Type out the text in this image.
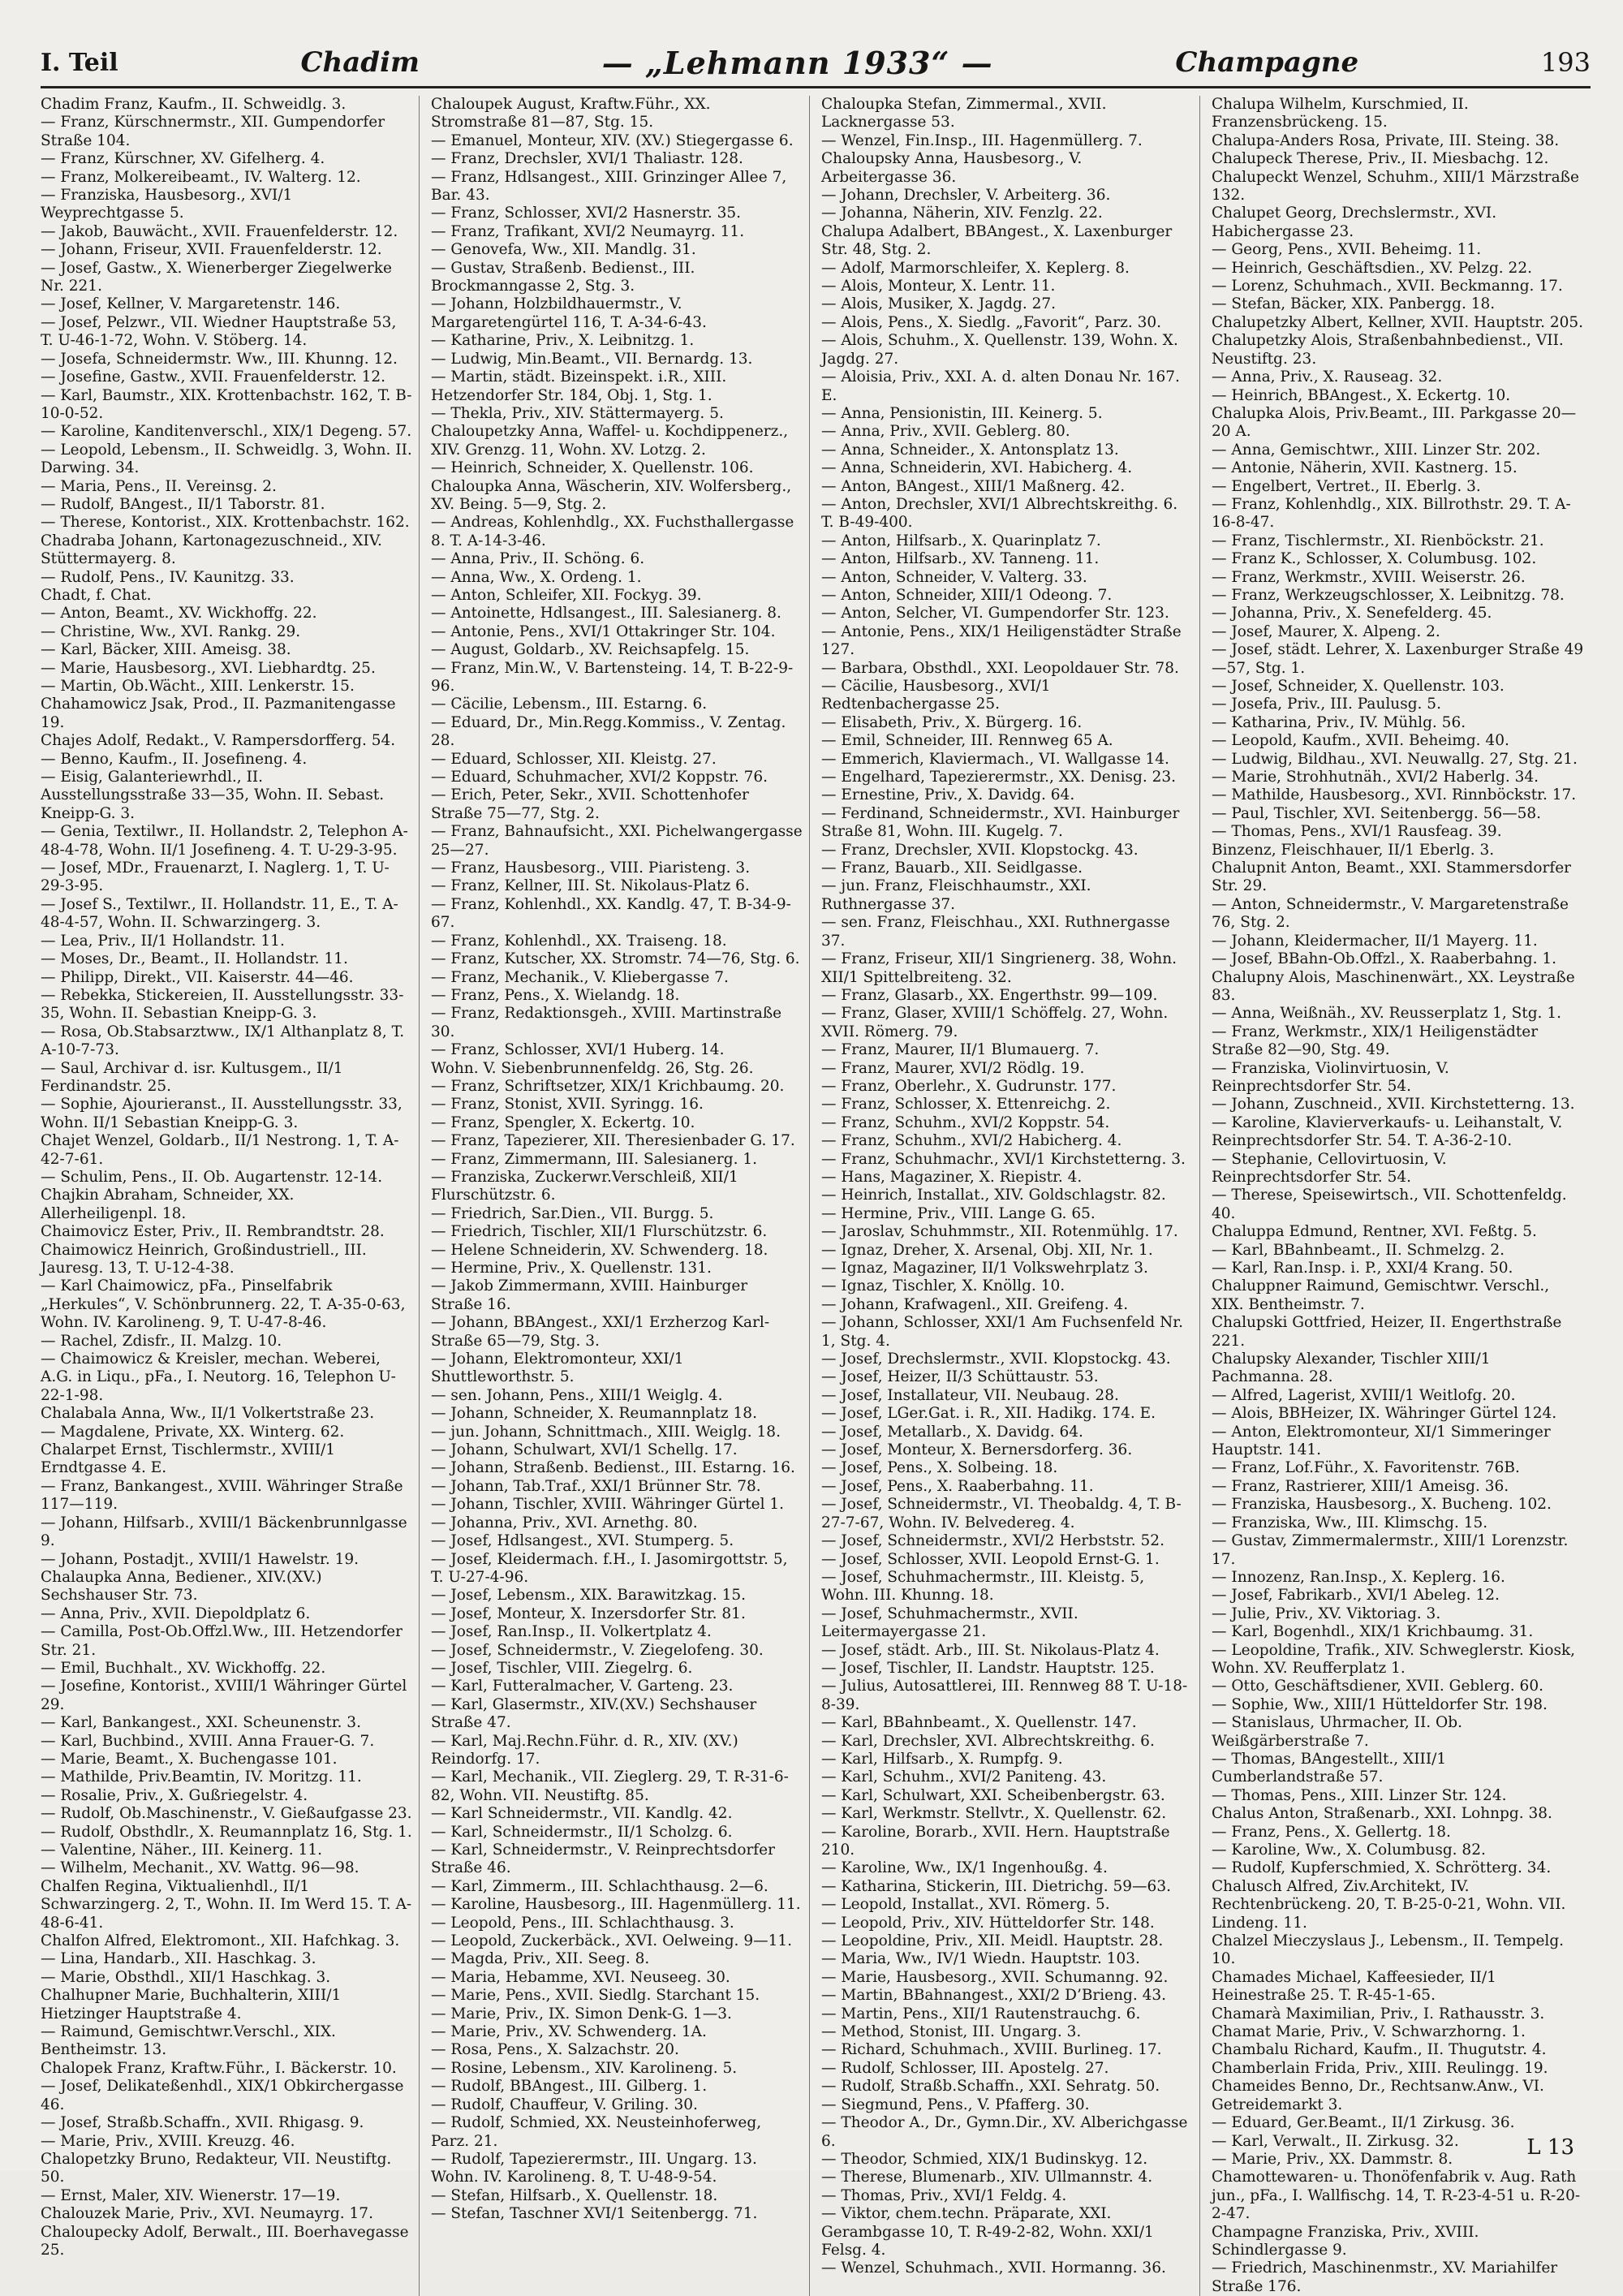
I. Teil	Chadim	— „Lehmann 1933“ —	Champagne	193

Chadim Franz, Kaufm., II. Schweidlg. 3.

— Franz, Kürschnermstr., XII. Gumpendorfer Straße 104.

— Franz, Kürschner, XV. Gifelherg. 4.

— Franz, Molkereibeamt., IV. Walterg. 12.

— Franziska, Hausbesorg., XVI/1 Weyprechtgasse 5.

— Jakob, Bauwächt., XVII. Frauenfelderstr. 12.

— Johann, Friseur, XVII. Frauenfelderstr. 12.

— Josef, Gastw., X. Wienerberger Ziegelwerke Nr. 221.

— Josef, Kellner, V. Margaretenstr. 146.

— Josef, Pelzwr., VII. Wiedner Hauptstraße 53, T. U-46-1-72, Wohn. V. Stöberg. 14.

— Josefa, Schneidermstr. Ww., III. Khunng. 12.

— Josefine, Gastw., XVII. Frauenfelderstr. 12.

— Karl, Baumstr., XIX. Krottenbachstr. 162, T. B-10-0-52.

— Karoline, Kanditenverschl., XIX/1 Degeng. 57.

— Leopold, Lebensm., II. Schweidlg. 3, Wohn. II. Darwing. 34.

— Maria, Pens., II. Vereinsg. 2.

— Rudolf, BAngest., II/1 Taborstr. 81.

— Therese, Kontorist., XIX. Krottenbachstr. 162.

Chadraba Johann, Kartonagezuschneid., XIV. Stüttermayerg. 8.

— Rudolf, Pens., IV. Kaunitzg. 33.

Chadt, f. Chat.

— Anton, Beamt., XV. Wickhoffg. 22.

— Christine, Ww., XVI. Rankg. 29.

— Karl, Bäcker, XIII. Ameisg. 38.

— Marie, Hausbesorg., XVI. Liebhardtg. 25.

— Martin, Ob.Wächt., XIII. Lenkerstr. 15.

Chahamowicz Jsak, Prod., II. Pazmanitengasse 19.

Chajes Adolf, Redakt., V. Rampersdorfferg. 54.

— Benno, Kaufm., II. Josefineng. 4.

— Eisig, Galanteriewrhdl., II. Ausstellungsstraße 33—35, Wohn. II. Sebast. Kneipp-G. 3.

— Genia, Textilwr., II. Hollandstr. 2, Telephon A-48-4-78, Wohn. II/1 Josefineng. 4. T. U-29-3-95.

— Josef, MDr., Frauenarzt, I. Naglerg. 1, T. U-29-3-95.

— Josef S., Textilwr., II. Hollandstr. 11, E., T. A-48-4-57, Wohn. II. Schwarzingerg. 3.

— Lea, Priv., II/1 Hollandstr. 11.

— Moses, Dr., Beamt., II. Hollandstr. 11.

— Philipp, Direkt., VII. Kaiserstr. 44—46.

— Rebekka, Stickereien, II. Ausstellungsstr. 33-35, Wohn. II. Sebastian Kneipp-G. 3.

— Rosa, Ob.Stabsarztww., IX/1 Althanplatz 8, T. A-10-7-73.

— Saul, Archivar d. isr. Kultusgem., II/1 Ferdinandstr. 25.

— Sophie, Ajourieranst., II. Ausstellungsstr. 33, Wohn. II/1 Sebastian Kneipp-G. 3.

Chajet Wenzel, Goldarb., II/1 Nestrong. 1, T. A-42-7-61.

— Schulim, Pens., II. Ob. Augartenstr. 12-14.

Chajkin Abraham, Schneider, XX. Allerheiligenpl. 18.

Chaimovicz Ester, Priv., II. Rembrandtstr. 28.

Chaimowicz Heinrich, Großindustriell., III. Jauresg. 13, T. U-12-4-38.

— Karl Chaimowicz, pFa., Pinselfabrik „Herkules“, V. Schönbrunnerg. 22, T. A-35-0-63, Wohn. IV. Karolineng. 9, T. U-47-8-46.

— Rachel, Zdisfr., II. Malzg. 10.

— Chaimowicz & Kreisler, mechan. Weberei, A.G. in Liqu., pFa., I. Neutorg. 16, Telephon U-22-1-98.

Chalabala Anna, Ww., II/1 Volkertstraße 23.

— Magdalene, Private, XX. Winterg. 62.

Chalarpet Ernst, Tischlermstr., XVIII/1 Erndtgasse 4. E.

— Franz, Bankangest., XVIII. Währinger Straße 117—119.

— Johann, Hilfsarb., XVIII/1 Bäckenbrunnlgasse 9.

— Johann, Postadjt., XVIII/1 Hawelstr. 19.

Chalaupka Anna, Bediener., XIV.(XV.) Sechshauser Str. 73.

— Anna, Priv., XVII. Diepoldplatz 6.

— Camilla, Post-Ob.Offzl.Ww., III. Hetzendorfer Str. 21.

— Emil, Buchhalt., XV. Wickhoffg. 22.

— Josefine, Kontorist., XVIII/1 Währinger Gürtel 29.

— Karl, Bankangest., XXI. Scheunenstr. 3.

— Karl, Buchbind., XVIII. Anna Frauer-G. 7.

— Marie, Beamt., X. Buchengasse 101.

— Mathilde, Priv.Beamtin, IV. Moritzg. 11.

— Rosalie, Priv., X. Gußriegelstr. 4.

— Rudolf, Ob.Maschinenstr., V. Gießaufgasse 23.

— Rudolf, Obsthdlr., X. Reumannplatz 16, Stg. 1.

— Valentine, Näher., III. Keinerg. 11.

— Wilhelm, Mechanit., XV. Wattg. 96—98.

Chalfen Regina, Viktualienhdl., II/1 Schwarzingerg. 2, T., Wohn. II. Im Werd 15. T. A-48-6-41.

Chalfon Alfred, Elektromont., XII. Hafchkag. 3.

— Lina, Handarb., XII. Haschkag. 3.

— Marie, Obsthdl., XII/1 Haschkag. 3.

Chalhupner Marie, Buchhalterin, XIII/1 Hietzinger Hauptstraße 4.

— Raimund, Gemischtwr.Verschl., XIX. Bentheimstr. 13.

Chalopek Franz, Kraftw.Führ., I. Bäckerstr. 10.

— Josef, Delikateßenhdl., XIX/1 Obkirchergasse 46.

— Josef, Straßb.Schaffn., XVII. Rhigasg. 9.

— Marie, Priv., XVIII. Kreuzg. 46.

Chalopetzky Bruno, Redakteur, VII. Neustiftg. 50.

— Ernst, Maler, XIV. Wienerstr. 17—19.

Chalouzek Marie, Priv., XVI. Neumayrg. 17.

Chaloupecky Adolf, Berwalt., III. Boerhavegasse 25.

Chaloupek August, Kraftw.Führ., XX. Stromstraße 81—87, Stg. 15.

— Emanuel, Monteur, XIV. (XV.) Stiegergasse 6.

— Franz, Drechsler, XVI/1 Thaliastr. 128.

— Franz, Hdlsangest., XIII. Grinzinger Allee 7, Bar. 43.

— Franz, Schlosser, XVI/2 Hasnerstr. 35.

— Franz, Trafikant, XVI/2 Neumayrg. 11.

— Genovefa, Ww., XII. Mandlg. 31.

— Gustav, Straßenb. Bedienst., III. Brockmanngasse 2, Stg. 3.

— Johann, Holzbildhauermstr., V. Margaretengürtel 116, T. A-34-6-43.

— Katharine, Priv., X. Leibnitzg. 1.

— Ludwig, Min.Beamt., VII. Bernardg. 13.

— Martin, städt. Bizeinspekt. i.R., XIII. Hetzendorfer Str. 184, Obj. 1, Stg. 1.

— Thekla, Priv., XIV. Stättermayerg. 5.

Chaloupetzky Anna, Waffel- u. Kochdippenerz., XIV. Grenzg. 11, Wohn. XV. Lotzg. 2.

— Heinrich, Schneider, X. Quellenstr. 106.

Chaloupka Anna, Wäscherin, XIV. Wolfersberg., XV. Being. 5—9, Stg. 2.

— Andreas, Kohlenhdlg., XX. Fuchsthallergasse 8. T. A-14-3-46.

— Anna, Priv., II. Schöng. 6.

— Anna, Ww., X. Ordeng. 1.

— Anton, Schleifer, XII. Fockyg. 39.

— Antoinette, Hdlsangest., III. Salesianerg. 8.

— Antonie, Pens., XVI/1 Ottakringer Str. 104.

— August, Goldarb., XV. Reichsapfelg. 15.

— Franz, Min.W., V. Bartensteing. 14, T. B-22-9-96.

— Cäcilie, Lebensm., III. Estarng. 6.

— Eduard, Dr., Min.Regg.Kommiss., V. Zentag. 28.

— Eduard, Schlosser, XII. Kleistg. 27.

— Eduard, Schuhmacher, XVI/2 Koppstr. 76.

— Erich, Peter, Sekr., XVII. Schottenhofer Straße 75—77, Stg. 2.

— Franz, Bahnaufsicht., XXI. Pichelwangergasse 25—27.

— Franz, Hausbesorg., VIII. Piaristeng. 3.

— Franz, Kellner, III. St. Nikolaus-Platz 6.

— Franz, Kohlenhdl., XX. Kandlg. 47, T. B-34-9-67.

— Franz, Kohlenhdl., XX. Traiseng. 18.

— Franz, Kutscher, XX. Stromstr. 74—76, Stg. 6.

— Franz, Mechanik., V. Kliebergasse 7.

— Franz, Pens., X. Wielandg. 18.

— Franz, Redaktionsgeh., XVIII. Martinstraße 30.

— Franz, Schlosser, XVI/1 Huberg. 14.

Wohn. V. Siebenbrunnenfeldg. 26, Stg. 26.

— Franz, Schriftsetzer, XIX/1 Krichbaumg. 20.

— Franz, Stonist, XVII. Syringg. 16.

— Franz, Spengler, X. Eckertg. 10.

— Franz, Tapezierer, XII. Theresienbader G. 17.

— Franz, Zimmermann, III. Salesianerg. 1.

— Franziska, Zuckerwr.Verschleiß, XII/1 Flurschützstr. 6.

— Friedrich, Sar.Dien., VII. Burgg. 5.

— Friedrich, Tischler, XII/1 Flurschützstr. 6.

— Helene Schneiderin, XV. Schwenderg. 18.

— Hermine, Priv., X. Quellenstr. 131.

— Jakob Zimmermann, XVIII. Hainburger Straße 16.

— Johann, BBAngest., XXI/1 Erzherzog Karl-Straße 65—79, Stg. 3.

— Johann, Elektromonteur, XXI/1 Shuttleworthstr. 5.

— sen. Johann, Pens., XIII/1 Weiglg. 4.

— Johann, Schneider, X. Reumannplatz 18.

— jun. Johann, Schnittmach., XIII. Weiglg. 18.

— Johann, Schulwart, XVI/1 Schellg. 17.

— Johann, Straßenb. Bedienst., III. Estarng. 16.

— Johann, Tab.Traf., XXI/1 Brünner Str. 78.

— Johann, Tischler, XVIII. Währinger Gürtel 1.

— Johanna, Priv., XVI. Arnethg. 80.

— Josef, Hdlsangest., XVI. Stumperg. 5.

— Josef, Kleidermach. f.H., I. Jasomirgottstr. 5, T. U-27-4-96.

— Josef, Lebensm., XIX. Barawitzkag. 15.

— Josef, Monteur, X. Inzersdorfer Str. 81.

— Josef, Ran.Insp., II. Volkertplatz 4.

— Josef, Schneidermstr., V. Ziegelofeng. 30.

— Josef, Tischler, VIII. Ziegelrg. 6.

— Karl, Futteralmacher, V. Garteng. 23.

— Karl, Glasermstr., XIV.(XV.) Sechshauser Straße 47.

— Karl, Maj.Rechn.Führ. d. R., XIV. (XV.) Reindorfg. 17.

— Karl, Mechanik., VII. Zieglerg. 29, T. R-31-6-82, Wohn. VII. Neustiftg. 85.

— Karl Schneidermstr., VII. Kandlg. 42.

— Karl, Schneidermstr., II/1 Scholzg. 6.

— Karl, Schneidermstr., V. Reinprechtsdorfer Straße 46.

— Karl, Zimmerm., III. Schlachthausg. 2—6.

— Karoline, Hausbesorg., III. Hagenmüllerg. 11.

— Leopold, Pens., III. Schlachthausg. 3.

— Leopold, Zuckerbäck., XVI. Oelweing. 9—11.

— Magda, Priv., XII. Seeg. 8.

— Maria, Hebamme, XVI. Neuseeg. 30.

— Marie, Pens., XVII. Siedlg. Starchant 15.

— Marie, Priv., IX. Simon Denk-G. 1—3.

— Marie, Priv., XV. Schwenderg. 1A.

— Rosa, Pens., X. Salzachstr. 20.

— Rosine, Lebensm., XIV. Karolineng. 5.

— Rudolf, BBAngest., III. Gilberg. 1.

— Rudolf, Chauffeur, V. Griling. 30.

— Rudolf, Schmied, XX. Neusteinhoferweg, Parz. 21.

— Rudolf, Tapezierermstr., III. Ungarg. 13.

Wohn. IV. Karolineng. 8, T. U-48-9-54.

— Stefan, Hilfsarb., X. Quellenstr. 18.

— Stefan, Taschner XVI/1 Seitenbergg. 71.

Chaloupka Stefan, Zimmermal., XVII. Lacknergasse 53.

— Wenzel, Fin.Insp., III. Hagenmüllerg. 7.

Chaloupsky Anna, Hausbesorg., V. Arbeitergasse 36.

— Johann, Drechsler, V. Arbeiterg. 36.

— Johanna, Näherin, XIV. Fenzlg. 22.

Chalupa Adalbert, BBAngest., X. Laxenburger Str. 48, Stg. 2.

— Adolf, Marmorschleifer, X. Keplerg. 8.

— Alois, Monteur, X. Lentr. 11.

— Alois, Musiker, X. Jagdg. 27.

— Alois, Pens., X. Siedlg. „Favorit“, Parz. 30.

— Alois, Schuhm., X. Quellenstr. 139, Wohn. X. Jagdg. 27.

— Aloisia, Priv., XXI. A. d. alten Donau Nr. 167. E.

— Anna, Pensionistin, III. Keinerg. 5.

— Anna, Priv., XVII. Geblerg. 80.

— Anna, Schneider., X. Antonsplatz 13.

— Anna, Schneiderin, XVI. Habicherg. 4.

— Anton, BAngest., XIII/1 Maßnerg. 42.

— Anton, Drechsler, XVI/1 Albrechtskreithg. 6. T. B-49-400.

— Anton, Hilfsarb., X. Quarinplatz 7.

— Anton, Hilfsarb., XV. Tanneng. 11.

— Anton, Schneider, V. Valterg. 33.

— Anton, Schneider, XIII/1 Odeong. 7.

— Anton, Selcher, VI. Gumpendorfer Str. 123.

— Antonie, Pens., XIX/1 Heiligenstädter Straße 127.

— Barbara, Obsthdl., XXI. Leopoldauer Str. 78.

— Cäcilie, Hausbesorg., XVI/1 Redtenbachergasse 25.

— Elisabeth, Priv., X. Bürgerg. 16.

— Emil, Schneider, III. Rennweg 65 A.

— Emmerich, Klaviermach., VI. Wallgasse 14.

— Engelhard, Tapezierermstr., XX. Denisg. 23.

— Ernestine, Priv., X. Davidg. 64.

— Ferdinand, Schneidermstr., XVI. Hainburger Straße 81, Wohn. III. Kugelg. 7.

— Franz, Drechsler, XVII. Klopstockg. 43.

— Franz, Bauarb., XII. Seidlgasse.

— jun. Franz, Fleischhaumstr., XXI. Ruthnergasse 37.

— sen. Franz, Fleischhau., XXI. Ruthnergasse 37.

— Franz, Friseur, XII/1 Singrienerg. 38, Wohn. XII/1 Spittelbreiteng. 32.

— Franz, Glasarb., XX. Engerthstr. 99—109.

— Franz, Glaser, XVIII/1 Schöffelg. 27, Wohn. XVII. Römerg. 79.

— Franz, Maurer, II/1 Blumauerg. 7.

— Franz, Maurer, XVI/2 Rödlg. 19.

— Franz, Oberlehr., X. Gudrunstr. 177.

— Franz, Schlosser, X. Ettenreichg. 2.

— Franz, Schuhm., XVI/2 Koppstr. 54.

— Franz, Schuhm., XVI/2 Habicherg. 4.

— Franz, Schuhmachr., XVI/1 Kirchstetterng. 3.

— Hans, Magaziner, X. Riepistr. 4.

— Heinrich, Installat., XIV. Goldschlagstr. 82.

— Hermine, Priv., VIII. Lange G. 65.

— Jaroslav, Schuhmmstr., XII. Rotenmühlg. 17.

— Ignaz, Dreher, X. Arsenal, Obj. XII, Nr. 1.

— Ignaz, Magaziner, II/1 Volkswehrplatz 3.

— Ignaz, Tischler, X. Knöllg. 10.

— Johann, Krafwagenl., XII. Greifeng. 4.

— Johann, Schlosser, XXI/1 Am Fuchsenfeld Nr. 1, Stg. 4.

— Josef, Drechslermstr., XVII. Klopstockg. 43.

— Josef, Heizer, II/3 Schüttaustr. 53.

— Josef, Installateur, VII. Neubaug. 28.

— Josef, LGer.Gat. i. R., XII. Hadikg. 174. E.

— Josef, Metallarb., X. Davidg. 64.

— Josef, Monteur, X. Bernersdorferg. 36.

— Josef, Pens., X. Solbeing. 18.

— Josef, Pens., X. Raaberbahng. 11.

— Josef, Schneidermstr., VI. Theobaldg. 4, T. B-27-7-67, Wohn. IV. Belvedereg. 4.

— Josef, Schneidermstr., XVI/2 Herbststr. 52.

— Josef, Schlosser, XVII. Leopold Ernst-G. 1.

— Josef, Schuhmachermstr., III. Kleistg. 5, Wohn. III. Khunng. 18.

— Josef, Schuhmachermstr., XVII. Leitermayergasse 21.

— Josef, städt. Arb., III. St. Nikolaus-Platz 4.

— Josef, Tischler, II. Landstr. Hauptstr. 125.

— Julius, Autosattlerei, III. Rennweg 88 T. U-18-8-39.

— Karl, BBahnbeamt., X. Quellenstr. 147.

— Karl, Drechsler, XVI. Albrechtskreithg. 6.

— Karl, Hilfsarb., X. Rumpfg. 9.

— Karl, Schuhm., XVI/2 Paniteng. 43.

— Karl, Schulwart, XXI. Scheibenbergstr. 63.

— Karl, Werkmstr. Stellvtr., X. Quellenstr. 62.

— Karoline, Borarb., XVII. Hern. Hauptstraße 210.

— Karoline, Ww., IX/1 Ingenhoußg. 4.

— Katharina, Stickerin, III. Dietrichg. 59—63.

— Leopold, Installat., XVI. Römerg. 5.

— Leopold, Priv., XIV. Hütteldorfer Str. 148.

— Leopoldine, Priv., XII. Meidl. Hauptstr. 28.

— Maria, Ww., IV/1 Wiedn. Hauptstr. 103.

— Marie, Hausbesorg., XVII. Schumanng. 92.

— Martin, BBahnangest., XXI/2 D’Brieng. 43.

— Martin, Pens., XII/1 Rautenstrauchg. 6.

— Method, Stonist, III. Ungarg. 3.

— Richard, Schuhmach., XVIII. Burlineg. 17.

— Rudolf, Schlosser, III. Apostelg. 27.

— Rudolf, Straßb.Schaffn., XXI. Sehratg. 50.

— Siegmund, Pens., V. Pfafferg. 30.

— Theodor A., Dr., Gymn.Dir., XV. Alberichgasse 6.

— Theodor, Schmied, XIX/1 Budinskyg. 12.

— Therese, Blumenarb., XIV. Ullmannstr. 4.

— Thomas, Priv., XVI/1 Feldg. 4.

— Viktor, chem.techn. Präparate, XXI. Gerambgasse 10, T. R-49-2-82, Wohn. XXI/1 Felsg. 4.

— Wenzel, Schuhmach., XVII. Hormanng. 36.

Chalupa Wilhelm, Kurschmied, II. Franzensbrückeng. 15.

Chalupa-Anders Rosa, Private, III. Steing. 38.

Chalupeck Therese, Priv., II. Miesbachg. 12.

Chalupeckt Wenzel, Schuhm., XIII/1 Märzstraße 132.

Chalupet Georg, Drechslermstr., XVI. Habichergasse 23.

— Georg, Pens., XVII. Beheimg. 11.

— Heinrich, Geschäftsdien., XV. Pelzg. 22.

— Lorenz, Schuhmach., XVII. Beckmanng. 17.

— Stefan, Bäcker, XIX. Panbergg. 18.

Chalupetzky Albert, Kellner, XVII. Hauptstr. 205.

Chalupetzky Alois, Straßenbahnbedienst., VII. Neustiftg. 23.

— Anna, Priv., X. Rauseag. 32.

— Heinrich, BBAngest., X. Eckertg. 10.

Chalupka Alois, Priv.Beamt., III. Parkgasse 20—20 A.

— Anna, Gemischtwr., XIII. Linzer Str. 202.

— Antonie, Näherin, XVII. Kastnerg. 15.

— Engelbert, Vertret., II. Eberlg. 3.

— Franz, Kohlenhdlg., XIX. Billrothstr. 29. T. A-16-8-47.

— Franz, Tischlermstr., XI. Rienböckstr. 21.

— Franz K., Schlosser, X. Columbusg. 102.

— Franz, Werkmstr., XVIII. Weiserstr. 26.

— Franz, Werkzeugschlosser, X. Leibnitzg. 78.

— Johanna, Priv., X. Senefelderg. 45.

— Josef, Maurer, X. Alpeng. 2.

— Josef, städt. Lehrer, X. Laxenburger Straße 49—57, Stg. 1.

— Josef, Schneider, X. Quellenstr. 103.

— Josefa, Priv., III. Paulusg. 5.

— Katharina, Priv., IV. Mühlg. 56.

— Leopold, Kaufm., XVII. Beheimg. 40.

— Ludwig, Bildhau., XVI. Neuwallg. 27, Stg. 21.

— Marie, Strohhutnäh., XVI/2 Haberlg. 34.

— Mathilde, Hausbesorg., XVI. Rinnböckstr. 17.

— Paul, Tischler, XVI. Seitenbergg. 56—58.

— Thomas, Pens., XVI/1 Rausfeag. 39.

Binzenz, Fleischhauer, II/1 Eberlg. 3.

Chalupnit Anton, Beamt., XXI. Stammersdorfer Str. 29.

— Anton, Schneidermstr., V. Margaretenstraße 76, Stg. 2.

— Johann, Kleidermacher, II/1 Mayerg. 11.

— Josef, BBahn-Ob.Offzl., X. Raaberbahng. 1.

Chalupny Alois, Maschinenwärt., XX. Leystraße 83.

— Anna, Weißnäh., XV. Reusserplatz 1, Stg. 1.

— Franz, Werkmstr., XIX/1 Heiligenstädter Straße 82—90, Stg. 49.

— Franziska, Violinvirtuosin, V. Reinprechtsdorfer Str. 54.

— Johann, Zuschneid., XVII. Kirchstetterng. 13.

— Karoline, Klavierverkaufs- u. Leihanstalt, V. Reinprechtsdorfer Str. 54. T. A-36-2-10.

— Stephanie, Cellovirtuosin, V. Reinprechtsdorfer Str. 54.

— Therese, Speisewirtsch., VII. Schottenfeldg. 40.

Chaluppa Edmund, Rentner, XVI. Feßtg. 5.

— Karl, BBahnbeamt., II. Schmelzg. 2.

— Karl, Ran.Insp. i. P., XXI/4 Krang. 50.

Chaluppner Raimund, Gemischtwr. Verschl., XIX. Bentheimstr. 7.

Chalupski Gottfried, Heizer, II. Engerthstraße 221.

Chalupsky Alexander, Tischler XIII/1 Pachmanna. 28.

— Alfred, Lagerist, XVIII/1 Weitlofg. 20.

— Alois, BBHeizer, IX. Währinger Gürtel 124.

— Anton, Elektromonteur, XI/1 Simmeringer Hauptstr. 141.

— Franz, Lof.Führ., X. Favoritenstr. 76B.

— Franz, Rastrierer, XIII/1 Ameisg. 36.

— Franziska, Hausbesorg., X. Bucheng. 102.

— Franziska, Ww., III. Klimschg. 15.

— Gustav, Zimmermalermstr., XIII/1 Lorenzstr. 17.

— Innozenz, Ran.Insp., X. Keplerg. 16.

— Josef, Fabrikarb., XVI/1 Abeleg. 12.

— Julie, Priv., XV. Viktoriag. 3.

— Karl, Bogenhdl., XIX/1 Krichbaumg. 31.

— Leopoldine, Trafik., XIV. Schweglerstr. Kiosk, Wohn. XV. Reufferplatz 1.

— Otto, Geschäftsdiener, XVII. Geblerg. 60.

— Sophie, Ww., XIII/1 Hütteldorfer Str. 198.

— Stanislaus, Uhrmacher, II. Ob. Weißgärberstraße 7.

— Thomas, BAngestellt., XIII/1 Cumberlandstraße 57.

— Thomas, Pens., XIII. Linzer Str. 124.

Chalus Anton, Straßenarb., XXI. Lohnpg. 38.

— Franz, Pens., X. Gellertg. 18.

— Karoline, Ww., X. Columbusg. 82.

— Rudolf, Kupferschmied, X. Schrötterg. 34.

Chalusch Alfred, Ziv.Architekt, IV. Rechtenbrückeng. 20, T. B-25-0-21, Wohn. VII. Lindeng. 11.

Chalzel Mieczyslaus J., Lebensm., II. Tempelg. 10.

Chamades Michael, Kaffeesieder, II/1 Heinestraße 25. T. R-45-1-65.

Chamarà Maximilian, Priv., I. Rathausstr. 3.

Chamat Marie, Priv., V. Schwarzhorng. 1.

Chambalu Richard, Kaufm., II. Thugutstr. 4.

Chamberlain Frida, Priv., XIII. Reulingg. 19.

Chameides Benno, Dr., Rechtsanw.Anw., VI. Getreidemarkt 3.

— Eduard, Ger.Beamt., II/1 Zirkusg. 36.

— Karl, Verwalt., II. Zirkusg. 32.

— Marie, Priv., XX. Dammstr. 8.

Chamottewaren- u. Thonöfenfabrik v. Aug. Rath jun., pFa., I. Wallfischg. 14, T. R-23-4-51 u. R-20-2-47.

Champagne Franziska, Priv., XVIII. Schindlergasse 9.

— Friedrich, Maschinenmstr., XV. Mariahilfer Straße 176.

L 13
